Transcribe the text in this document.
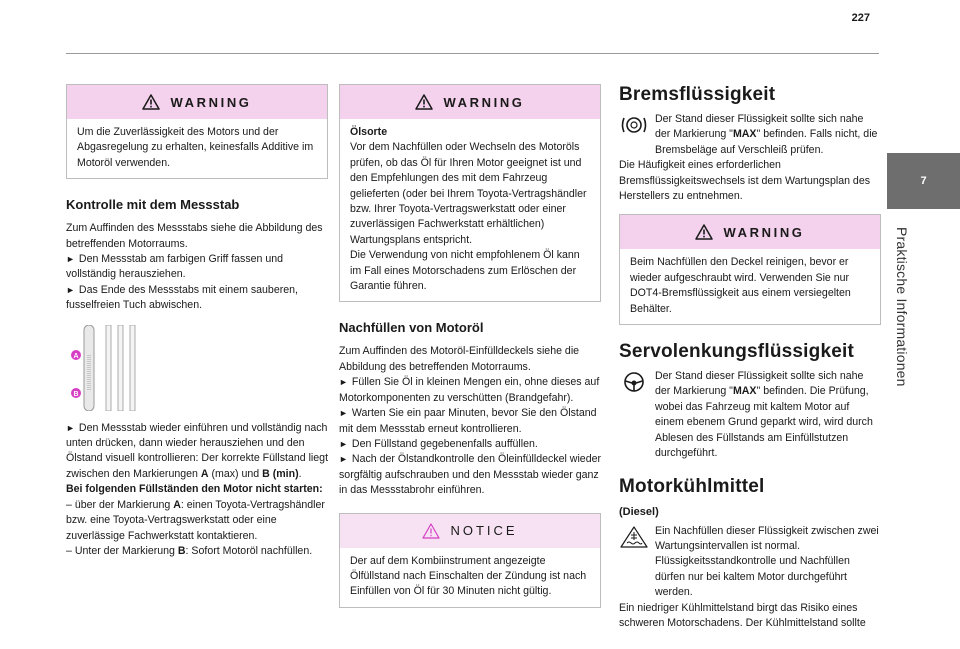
227
7
Praktische Informationen
WARNING

Um die Zuverlässigkeit des Motors und der Abgasregelung zu erhalten, keinesfalls Additive im Motoröl verwenden.

Kontrolle mit dem Messstab

Zum Auffinden des Messstabs siehe die Abbildung des betreffenden Motorraums.

► Den Messstab am farbigen Griff fassen und vollständig herausziehen.

► Das Ende des Messstabs mit einem sauberen, fusselfreien Tuch abwischen.

A
B

► Den Messstab wieder einführen und vollständig nach unten drücken, dann wieder herausziehen und den Ölstand visuell kontrollieren: Der korrekte Füllstand liegt zwischen den Markierungen A (max) und B (min).

Bei folgenden Füllständen den Motor nicht starten:

– über der Markierung A: einen Toyota-Vertragshändler bzw. eine Toyota-Vertragswerkstatt oder eine zuverlässige Fachwerkstatt kontaktieren.

– Unter der Markierung B: Sofort Motoröl nachfüllen.

WARNING

Ölsorte

Vor dem Nachfüllen oder Wechseln des Motoröls prüfen, ob das Öl für Ihren Motor geeignet ist und den Empfehlungen des mit dem Fahrzeug gelieferten (oder bei Ihrem Toyota-Vertragshändler bzw. Ihrer Toyota-Vertragswerkstatt oder einer zuverlässigen Fachwerkstatt erhältlichen) Wartungsplans entspricht.

Die Verwendung von nicht empfohlenem Öl kann im Fall eines Motorschadens zum Erlöschen der Garantie führen.

Nachfüllen von Motoröl

Zum Auffinden des Motoröl-Einfülldeckels siehe die Abbildung des betreffenden Motorraums.

► Füllen Sie Öl in kleinen Mengen ein, ohne dieses auf Motorkomponenten zu verschütten (Brandgefahr).

► Warten Sie ein paar Minuten, bevor Sie den Ölstand mit dem Messstab erneut kontrollieren.

► Den Füllstand gegebenenfalls auffüllen.

► Nach der Ölstandkontrolle den Öleinfülldeckel wieder sorgfältig aufschrauben und den Messstab wieder ganz in das Messstabrohr einführen.

NOTICE

Der auf dem Kombiinstrument angezeigte Ölfüllstand nach Einschalten der Zündung ist nach Einfüllen von Öl für 30 Minuten nicht gültig.

Bremsflüssigkeit

Der Stand dieser Flüssigkeit sollte sich nahe der Markierung "MAX" befinden. Falls nicht, die Bremsbeläge auf Verschleiß prüfen.

Die Häufigkeit eines erforderlichen Bremsflüssigkeitswechsels ist dem Wartungsplan des Herstellers zu entnehmen.

WARNING

Beim Nachfüllen den Deckel reinigen, bevor er wieder aufgeschraubt wird. Verwenden Sie nur DOT4-Bremsflüssigkeit aus einem versiegelten Behälter.

Servolenkungsflüssigkeit

Der Stand dieser Flüssigkeit sollte sich nahe der Markierung "MAX" befinden. Die Prüfung, wobei das Fahrzeug mit kaltem Motor auf einem ebenem Grund geparkt wird, wird durch Ablesen des Füllstands am Einfüllstutzen durchgeführt.

Motorkühlmittel
(Diesel)

Ein Nachfüllen dieser Flüssigkeit zwischen zwei Wartungsintervallen ist normal. Flüssigkeitsstandkontrolle und Nachfüllen dürfen nur bei kaltem Motor durchgeführt werden.

Ein niedriger Kühlmittelstand birgt das Risiko eines schweren Motorschadens. Der Kühlmittelstand sollte
